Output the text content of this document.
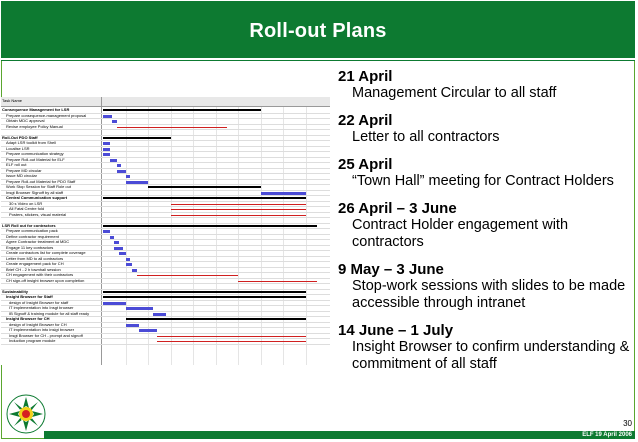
Roll-out Plans
Task Name
Consequence Management for LSR
Prepare consequence-management proposal
Obtain MDC approval
Revise employee Policy Manual
Roll-Out PDO Staff
Adapt LSR toolkit from Shell
Localise LSR
Prepare communication strategy
Prepare Roll-out Material for ELF
ELF roll out
Prepare MD circular
Issue MD circular
Prepare Roll-out Material for PDO Staff
Work Stop Session for Staff Role out
Insgt Browser Signoff by all staff
Central Communication support
30 s Video on LSR
All Fatal Centre fold
Posters, stickers, visual material
LSR Roll out for contractors
Prepare communication pack
Define contractor requirement
Agree Contractor treatment at MDC
Engage 11 key contractors
Create contractors list for complete coverage
Letter from MD to all contractors
Create engagement pack for CH
Brief CH - 2 h townhall session
CH engagement with their contractors
CH sign-off insight browser upon completion
Sustainability
Insight Browser for Staff
design of Insight Browser for staff
IT implementation into Insgt browser
IB Signoff & training module for all staff ready
Insight Browser for CH
design of Insight Browser for CH
IT implementation into insigt browser
Insgt Browser for CH - prompt and signoff
Induction program module
21 April
Management Circular to all staff
22 April
Letter to all contractors
25 April
“Town Hall” meeting for Contract Holders
26 April – 3 June
Contract Holder engagement with contractors
9 May – 3 June
Stop-work sessions with slides to be made accessible through intranet
14 June – 1 July
Insight Browser to confirm understanding & commitment of all staff
30
ELF 19 April 2006
